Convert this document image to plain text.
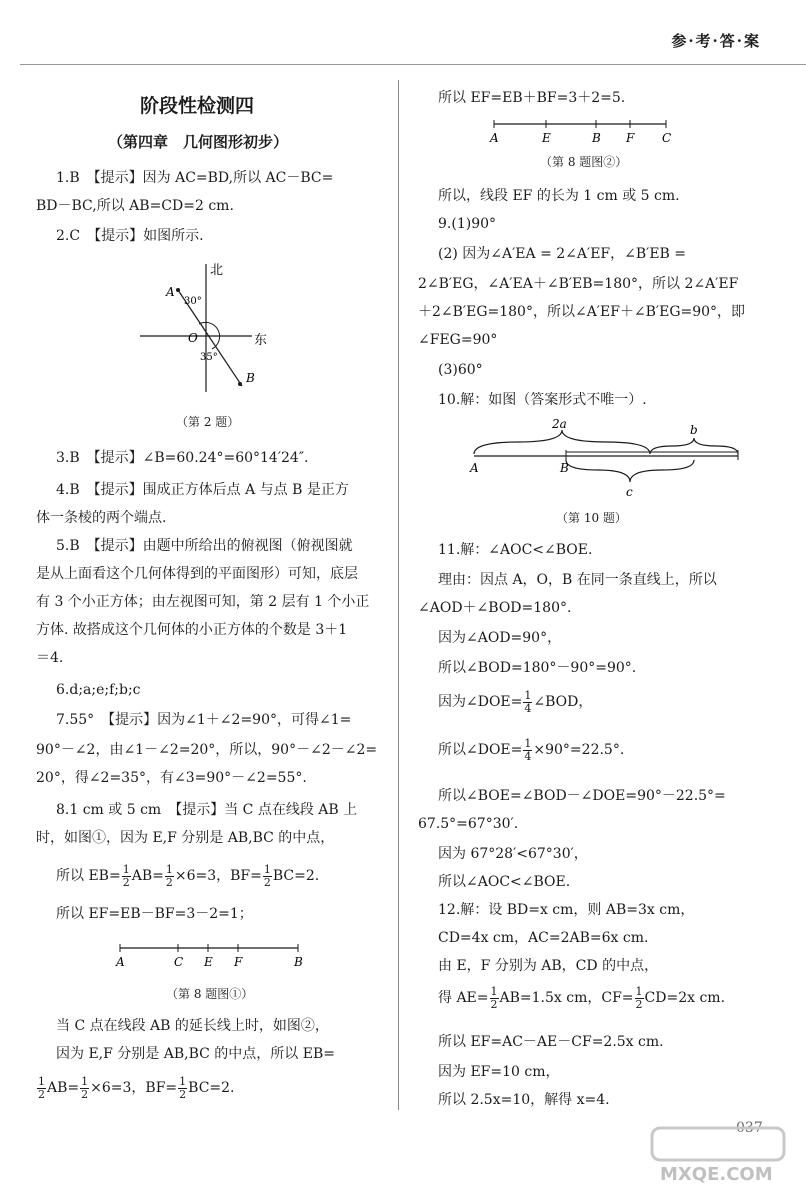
参·考·答·案
阶段性检测四
（第四章　几何图形初步）
1.B　【提示】因为 AC=BD,所以 AC－BC=
BD－BC,所以 AB=CD=2 cm.
2.C　【提示】如图所示.
北
东
A
B
O
30°
35°
（第 2 题）
3.B　【提示】∠B=60.24°=60°14′24″.
4.B　【提示】围成正方体后点 A 与点 B 是正方
体一条棱的两个端点.
5.B　【提示】由题中所给出的俯视图（俯视图就
是从上面看这个几何体得到的平面图形）可知，底层
有 3 个小正方体；由左视图可知，第 2 层有 1 个小正
方体. 故搭成这个几何体的小正方体的个数是 3＋1
＝4.
6.d;a;e;f;b;c
7.55°　【提示】因为∠1＋∠2=90°，可得∠1=
90°－∠2，由∠1－∠2=20°，所以，90°－∠2－∠2=
20°，得∠2=35°，有∠3=90°－∠2=55°.
8.1 cm 或 5 cm　【提示】当 C 点在线段 AB 上
时，如图①，因为 E,F 分别是 AB,BC 的中点，
所以 $EB= \frac{1}{2} AB= \frac{1}{2} \times 6=3$，$BF= \frac{1}{2} BC=2$.
所以 EF=EB－BF=3－2=1；
A	C E F	B
（第 8 题图①）
当 C 点在线段 AB 的延长线上时，如图②，
因为 E,F 分别是 AB,BC 的中点，所以 EB=
$\frac{1}{2} AB= \frac{1}{2} \times 6=3$，$BF= \frac{1}{2} BC=2$.
所以 EF=EB＋BF=3＋2=5.
A	E	B F C
（第 8 题图②）
所以，线段 EF 的长为 1 cm 或 5 cm.
9.(1)90°
(2) 因为∠A′EA = 2∠A′EF，∠B′EB =
2∠B′EG，∠A′EA＋∠B′EB=180°，所以 2∠A′EF
＋2∠B′EG=180°，所以∠A′EF＋∠B′EG=90°，即
∠FEG=90°
(3)60°
10.解：如图（答案形式不唯一）.
2a	b
A	B
c
（第 10 题）
11.解：∠AOC<∠BOE.
理由：因点 A，O，B 在同一条直线上，所以
∠AOD＋∠BOD=180°.
因为∠AOD=90°，
所以∠BOD=180°－90°=90°.
因为∠DOE= $\frac{1}{4}$ ∠BOD，
所以∠DOE= $\frac{1}{4} \times 90^\circ=22.5^\circ$.
所以∠BOE=∠BOD－∠DOE=90°－22.5°=
67.5°=67°30′.
因为 67°28′<67°30′，
所以∠AOC<∠BOE.
12.解：设 BD=x cm，则 AB=3x cm，
CD=4x cm，AC=2AB=6x cm.
由 E，F 分别为 AB，CD 的中点，
得 $AE= \frac{1}{2} AB=1.5x$ cm，$CF= \frac{1}{2} CD=2x$ cm.
所以 EF=AC－AE－CF=2.5x cm.
因为 EF=10 cm，
所以 2.5x=10，解得 x=4.
037
MXQE.COM
